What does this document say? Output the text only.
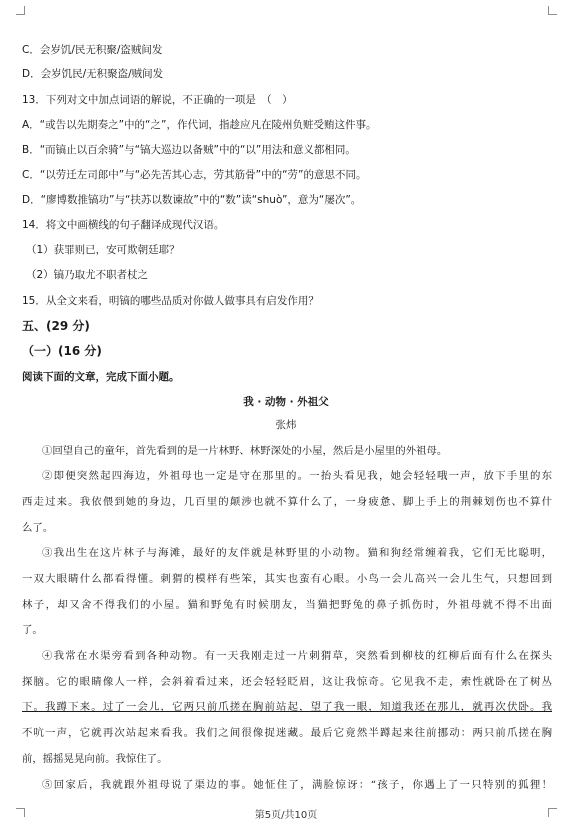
C．会岁饥/民无积聚/盗贼间发
D．会岁饥民/无积聚盗/贼间发
13．下列对文中加点词语的解说，不正确的一项是　（　）
A．“或告以先期奏之”中的“之”，作代词，指趁应凡在陵州负赃受贿这件事。
B．“而镐止以百余骑”与“镐大巡边以备贼”中的“以”用法和意义都相同。
C．“以劳迁左司郎中”与“必先苦其心志，劳其筋骨”中的“劳”的意思不同。
D．“廖博数推镐功”与“扶苏以数谏故”中的“数”读“shuò”，意为“屡次”。
14．将文中画横线的句子翻译成现代汉语。
（1）获罪则已，安可欺朝廷耶？
（2）镐乃取尤不职者杖之
15．从全文来看，明镐的哪些品质对你做人做事具有启发作用？
五、(29 分)
（一）(16 分)
阅读下面的文章，完成下面小题。
我 · 动物 · 外祖父
张炜
①回望自己的童年，首先看到的是一片林野、林野深处的小屋，然后是小屋里的外祖母。
②即便突然起四海边，外祖母也一定是守在那里的。一抬头看见我，她会轻轻哦一声，放下手里的东
西走过来。我依偎到她的身边，几百里的颠涉也就不算什么了，一身疲惫、脚上手上的荆棘划伤也不算什
么了。
③我出生在这片林子与海滩，最好的友伴就是林野里的小动物。猫和狗经常缠着我，它们无比聪明，
一双大眼睛什么都看得懂。刺猬的模样有些笨，其实也蛮有心眼。小鸟一会儿高兴一会儿生气，只想回到
林子，却又舍不得我们的小屋。猫和野兔有时候朋友，当猫把野兔的鼻子抓伤时，外祖母就不得不出面
了。
④我常在水渠旁看到各种动物。有一天我刚走过一片刺猬草，突然看到柳枝的红柳后面有什么在探头
探脑。它的眼睛像人一样，会斜着看过来，还会轻轻眨眉，这让我惊奇。它见我不走，索性就卧在了树丛
下。我蹲下来。过了一会儿，它两只前爪搓在胸前站起，望了我一眼，知道我还在那儿，就再次伏卧。我
不吭一声，它就再次站起来看我。我们之间很像捉迷藏。最后它竟然半蹲起来往前挪动：两只前爪搓在胸
前，摇摇晃晃向前。我惊住了。
⑤回家后，我就跟外祖母说了渠边的事。她怔住了，满脸惊讶：“孩子，你遇上了一只特别的狐狸！
第5页/共10页
